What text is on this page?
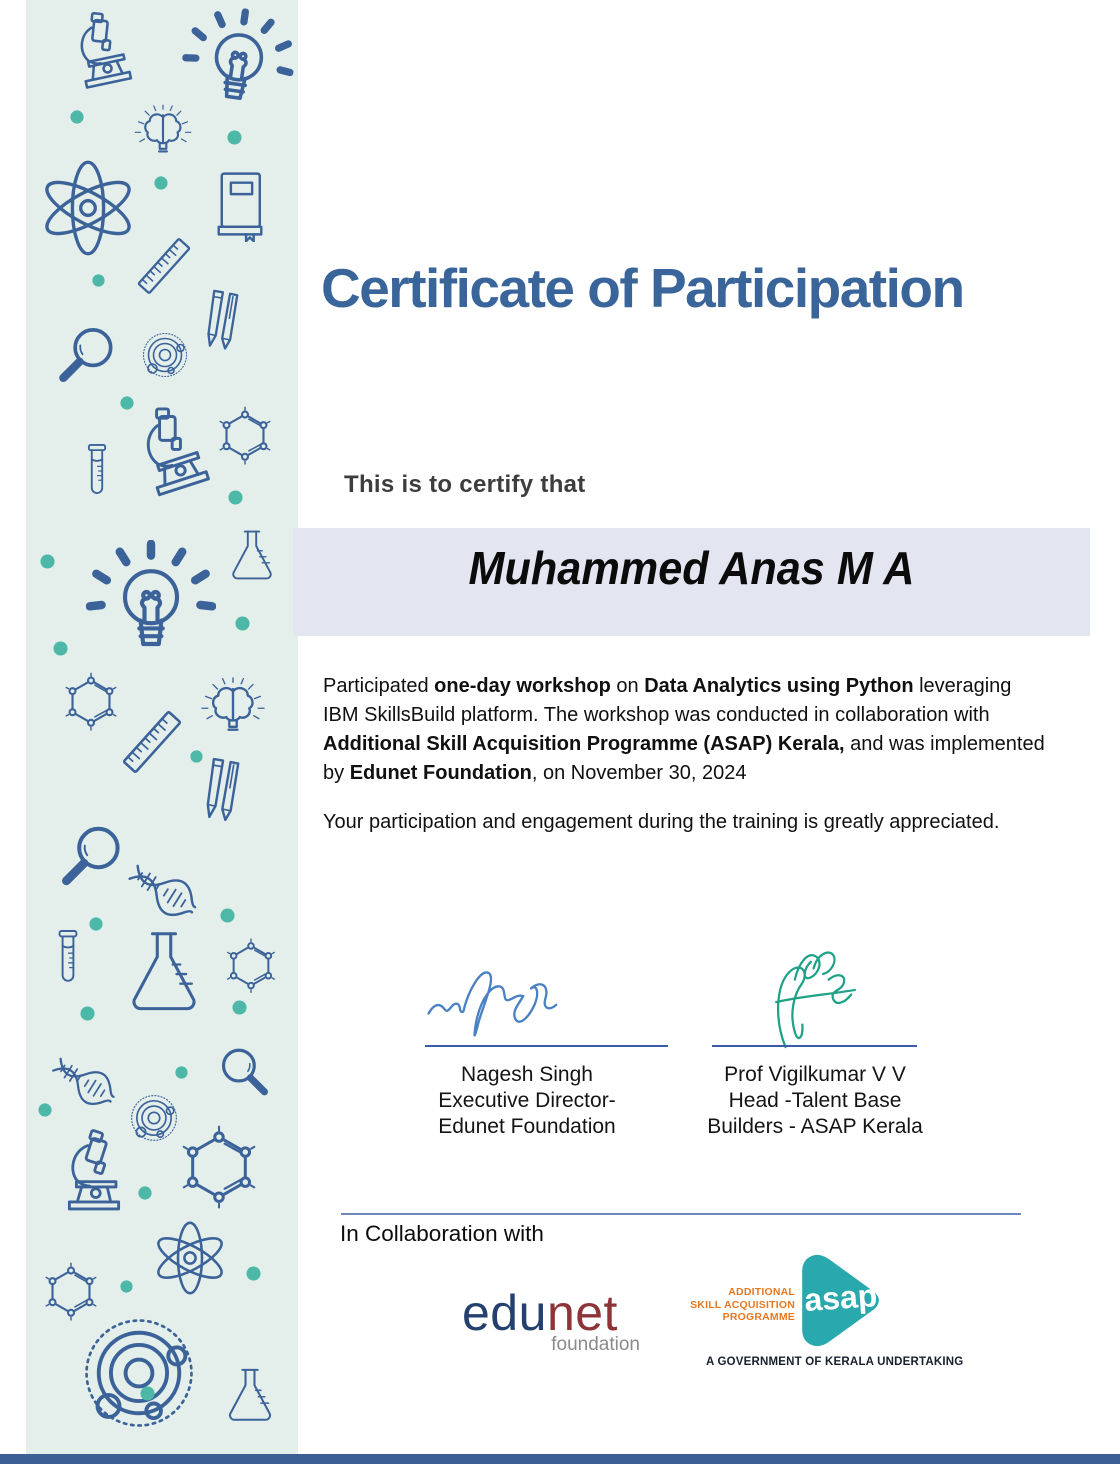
Certificate of Participation
This is to certify that
Muhammed Anas M A

Participated one-day workshop on Data Analytics using Python leveraging IBM SkillsBuild platform. The workshop was conducted in collaboration with Additional Skill Acquisition Programme (ASAP) Kerala, and was implemented by Edunet Foundation, on November 30, 2024

Your participation and engagement during the training is greatly appreciated.

Nagesh Singh
Executive Director-
Edunet Foundation
Prof Vigilkumar V V
Head -Talent Base
Builders - ASAP Kerala
In Collaboration with
edunet
foundation
ADDITIONAL
SKILL ACQUISITION
PROGRAMME asap
A GOVERNMENT OF KERALA UNDERTAKING
